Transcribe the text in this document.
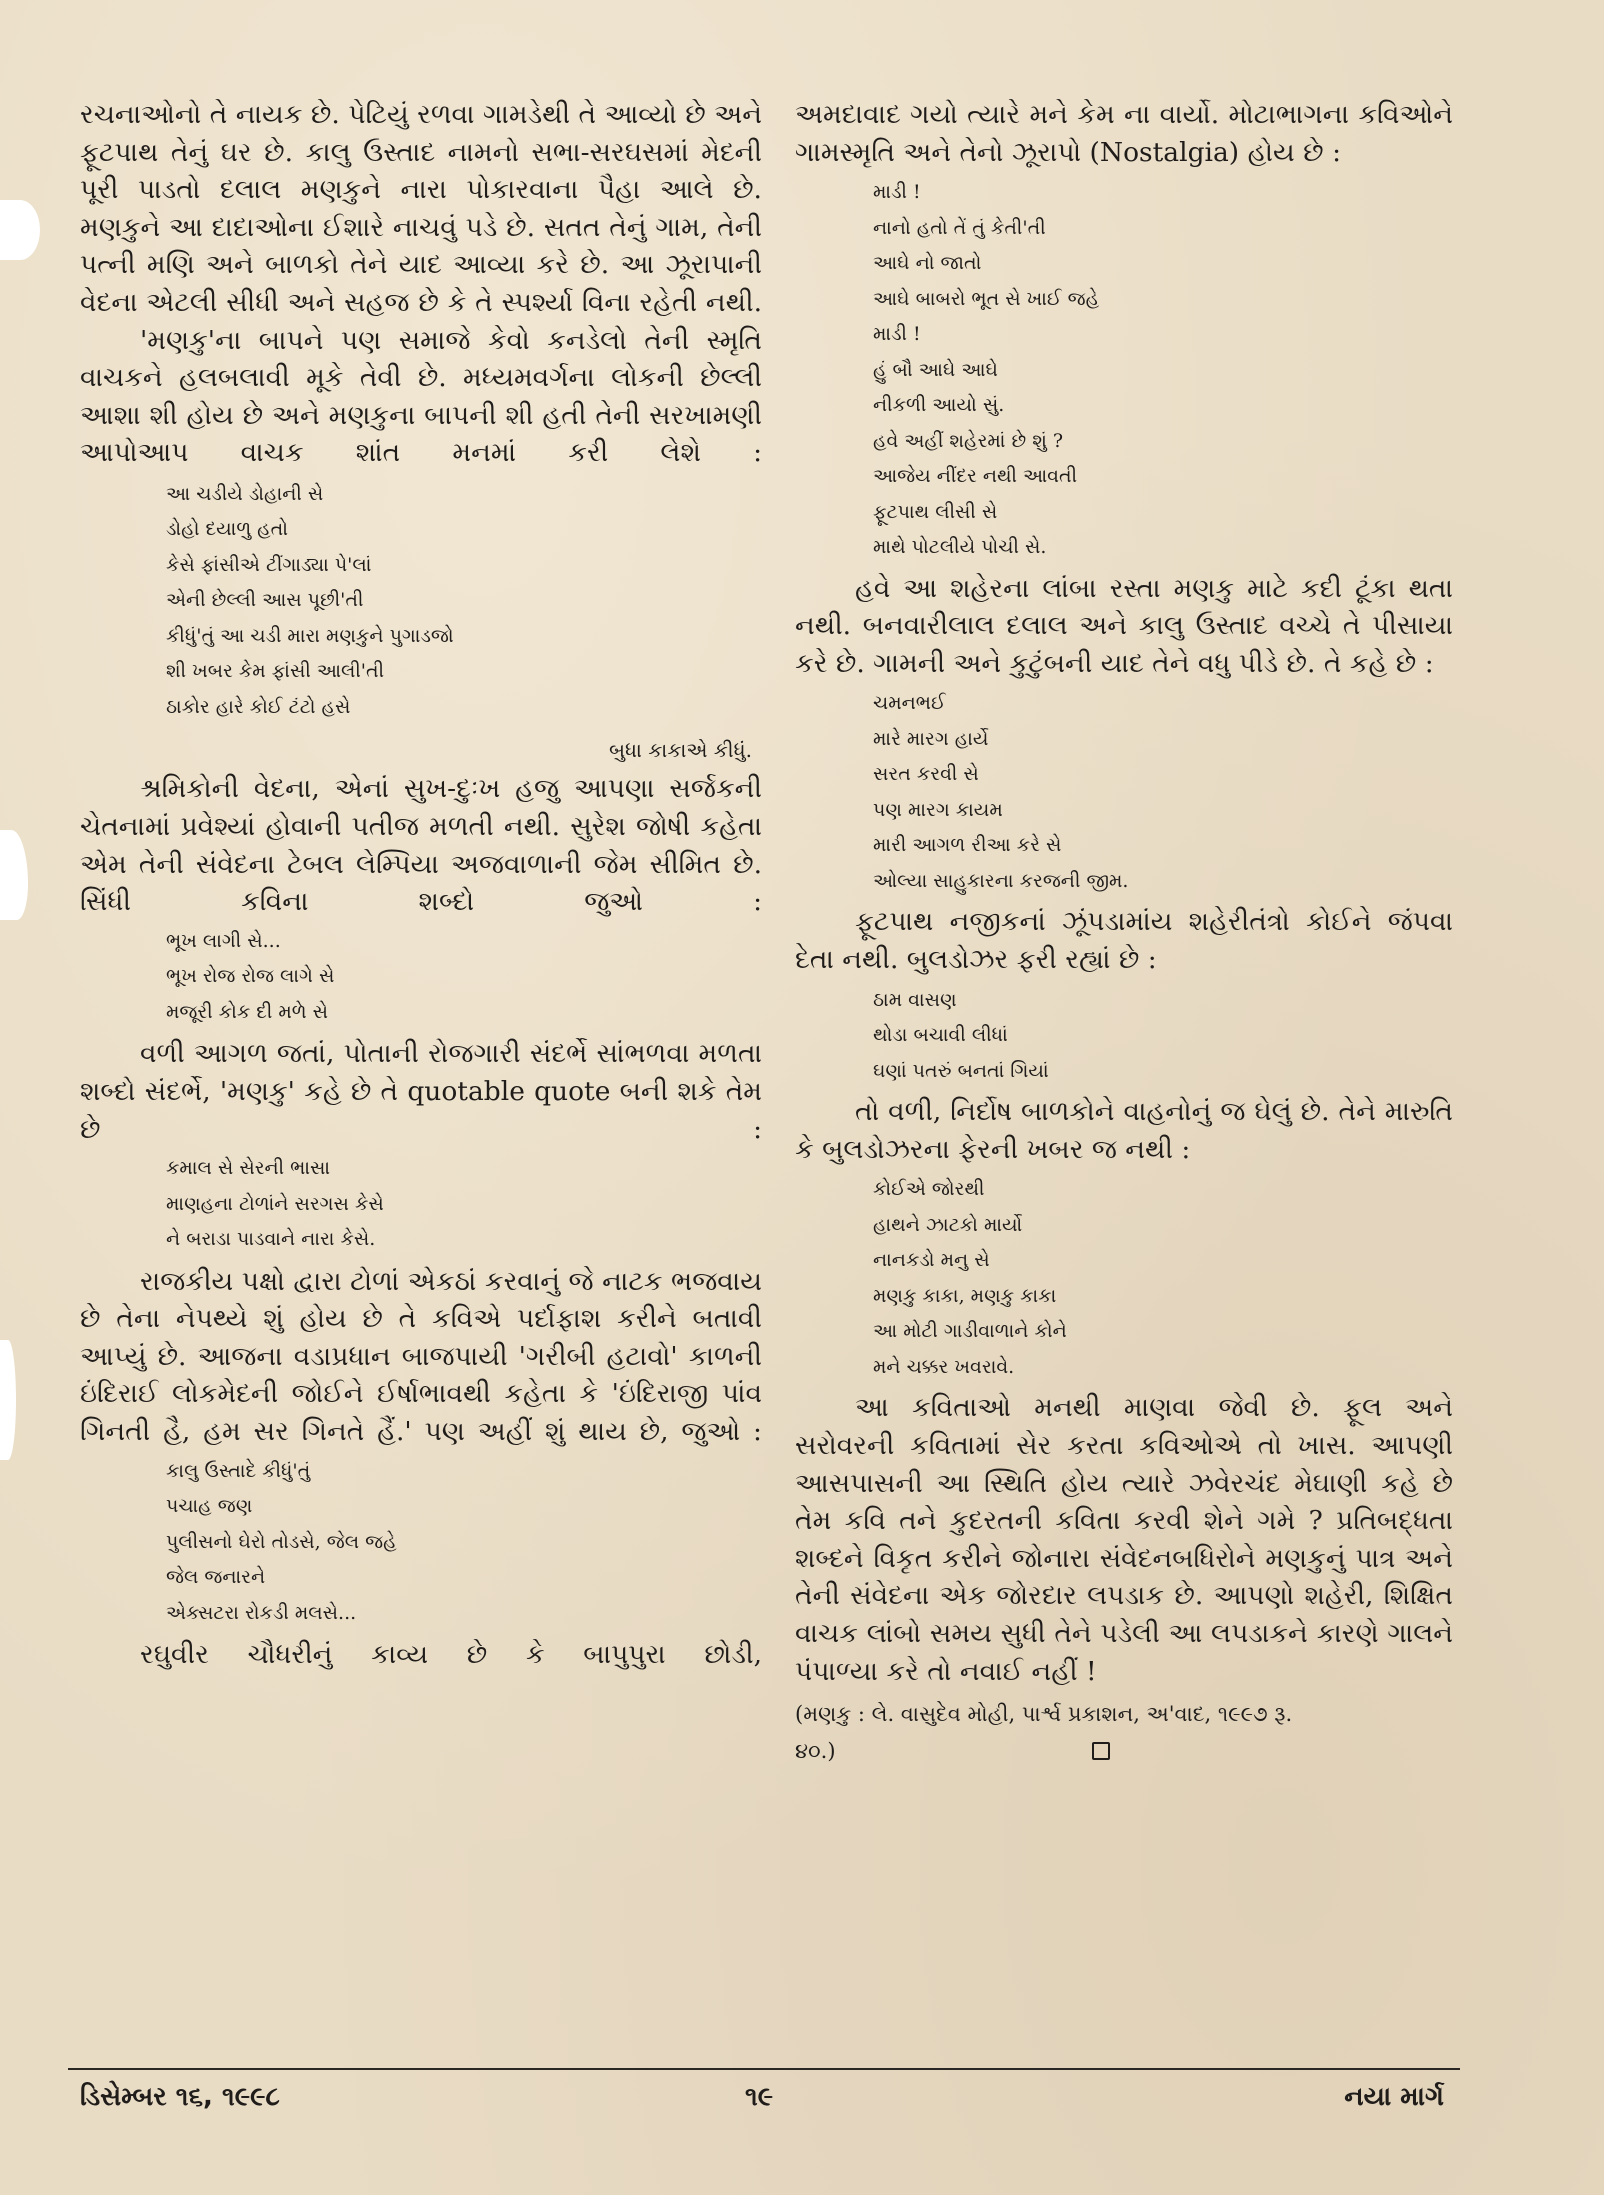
રચનાઓનો તે નાયક છે. પેટિયું રળવા ગામડેથી તે આવ્યો છે અને ફૂટપાથ તેનું ઘર છે. કાલુ ઉસ્તાદ નામનો સભા-સરઘસમાં મેદની પૂરી પાડતો દલાલ મણકુને નારા પોકારવાના પૈહા આલે છે. મણકુને આ દાદાઓના ઈશારે નાચવું પડે છે. સતત તેનું ગામ, તેની પત્ની મણિ અને બાળકો તેને યાદ આવ્યા કરે છે. આ ઝૂરાપાની વેદના એટલી સીધી અને સહજ છે કે તે સ્પર્શ્યા વિના રહેતી નથી.

'મણકુ'ના બાપને પણ સમાજે કેવો કનડેલો તેની સ્મૃતિ વાચકને હલબલાવી મૂકે તેવી છે. મધ્યમવર્ગના લોકની છેલ્લી આશા શી હોય છે અને મણકુના બાપની શી હતી તેની સરખામણી આપોઆપ વાચક શાંત મનમાં કરી લેશે :

આ ચડીયે ડોહાની સે
ડોહો દયાળુ હતો
કેસે ફાંસીએ ટીંગાડ્યા પે'લાં
એની છેલ્લી આસ પૂછી'તી
કીધું'તું આ ચડી મારા મણકુને પુગાડજો
શી ખબર કેમ ફાંસી આલી'તી
ઠાકોર હારે કોઈ ટંટો હસે
બુધા કાકાએ કીધું.

શ્રમિકોની વેદના, એનાં સુખ-દુઃખ હજુ આપણા સર્જકની ચેતનામાં પ્રવેશ્યાં હોવાની પતીજ મળતી નથી. સુરેશ જોષી કહેતા એમ તેની સંવેદના ટેબલ લેમ્પિયા અજવાળાની જેમ સીમિત છે. સિંધી કવિના શબ્દો જુઓ :

ભૂખ લાગી સે...
ભૂખ રોજ રોજ લાગે સે
મજૂરી કોક દી મળે સે

વળી આગળ જતાં, પોતાની રોજગારી સંદર્ભે સાંભળવા મળતા શબ્દો સંદર્ભે, 'મણકુ' કહે છે તે quotable quote બની શકે તેમ છે :

કમાલ સે સેરની ભાસા
માણહના ટોળાંને સરગસ કેસે
ને બરાડા પાડવાને નારા કેસે.

રાજકીય પક્ષો દ્વારા ટોળાં એકઠાં કરવાનું જે નાટક ભજવાય છે તેના નેપથ્યે શું હોય છે તે કવિએ પર્દાફાશ કરીને બતાવી આપ્યું છે. આજના વડાપ્રધાન બાજપાયી 'ગરીબી હટાવો' કાળની ઇંદિરાઈ લોકમેદની જોઈને ઈર્ષાભાવથી કહેતા કે 'ઇંદિરાજી પાંવ ગિનતી હૈ, હમ સર ગિનતે હૈં.' પણ અહીં શું થાય છે, જુઓ :

કાલુ ઉસ્તાદે કીધું'તું
પચાહ જણ
પુલીસનો ઘેરો તોડસે, જેલ જહે
જેલ જનારને
એક્સટરા રોકડી મલસે...

રઘુવીર ચૌધરીનું કાવ્ય છે કે બાપુપુરા છોડી,

અમદાવાદ ગયો ત્યારે મને કેમ ના વાર્યો. મોટાભાગના કવિઓને ગામસ્મૃતિ અને તેનો ઝૂરાપો (Nostalgia) હોય છે :

માડી !
નાનો હતો તેં તું કેતી'તી
આઘે નો જાતો
આઘે બાબરો ભૂત સે ખાઈ જહે
માડી !
હું બૌ આઘે આઘે
નીકળી આયો સું.
હવે અહીં શહેરમાં છે શું ?
આજેય નીંદર નથી આવતી
ફૂટપાથ લીસી સે
માથે પોટલીયે પોચી સે.

હવે આ શહેરના લાંબા રસ્તા મણકુ માટે કદી ટૂંકા થતા નથી. બનવારીલાલ દલાલ અને કાલુ ઉસ્તાદ વચ્ચે તે પીસાયા કરે છે. ગામની અને કુટુંબની યાદ તેને વધુ પીડે છે. તે કહે છે :

ચમનભઈ
મારે મારગ હાર્યે
સરત કરવી સે
પણ મારગ કાયમ
મારી આગળ રીઆ કરે સે
ઓલ્યા સાહુકારના કરજની જીમ.

ફૂટપાથ નજીકનાં ઝૂંપડામાંય શહેરીતંત્રો કોઈને જંપવા દેતા નથી. બુલડોઝર ફરી રહ્યાં છે :

ઠામ વાસણ
થોડા બચાવી લીધાં
ઘણાં પતરું બનતાં ગિયાં

તો વળી, નિર્દોષ બાળકોને વાહનોનું જ ઘેલું છે. તેને મારુતિ કે બુલડોઝરના ફેરની ખબર જ નથી :

કોઈએ જોરથી
હાથને ઝાટકો માર્યો
નાનકડો મનુ સે
મણકુ કાકા, મણકુ કાકા
આ મોટી ગાડીવાળાને કોને
મને ચક્કર ખવરાવે.

આ કવિતાઓ મનથી માણવા જેવી છે. ફૂલ અને સરોવરની કવિતામાં સેર કરતા કવિઓએ તો ખાસ. આપણી આસપાસની આ સ્થિતિ હોય ત્યારે ઝવેરચંદ મેઘાણી કહે છે તેમ કવિ તને કુદરતની કવિતા કરવી શેને ગમે ? પ્રતિબદ્ધતા શબ્દને વિકૃત કરીને જોનારા સંવેદનબધિરોને મણકુનું પાત્ર અને તેની સંવેદના એક જોરદાર લપડાક છે. આપણો શહેરી, શિક્ષિત વાચક લાંબો સમય સુધી તેને પડેલી આ લપડાકને કારણે ગાલને પંપાળ્યા કરે તો નવાઈ નહીં !

(મણકુ : લે. વાસુદેવ મોહી, પાર્શ્વ પ્રકાશન, અ'વાદ, ૧૯૯૭ રૂ.
૪૦.)
ડિસેમ્બર ૧૬, ૧૯૯૮	૧૯	નયા માર્ગ
